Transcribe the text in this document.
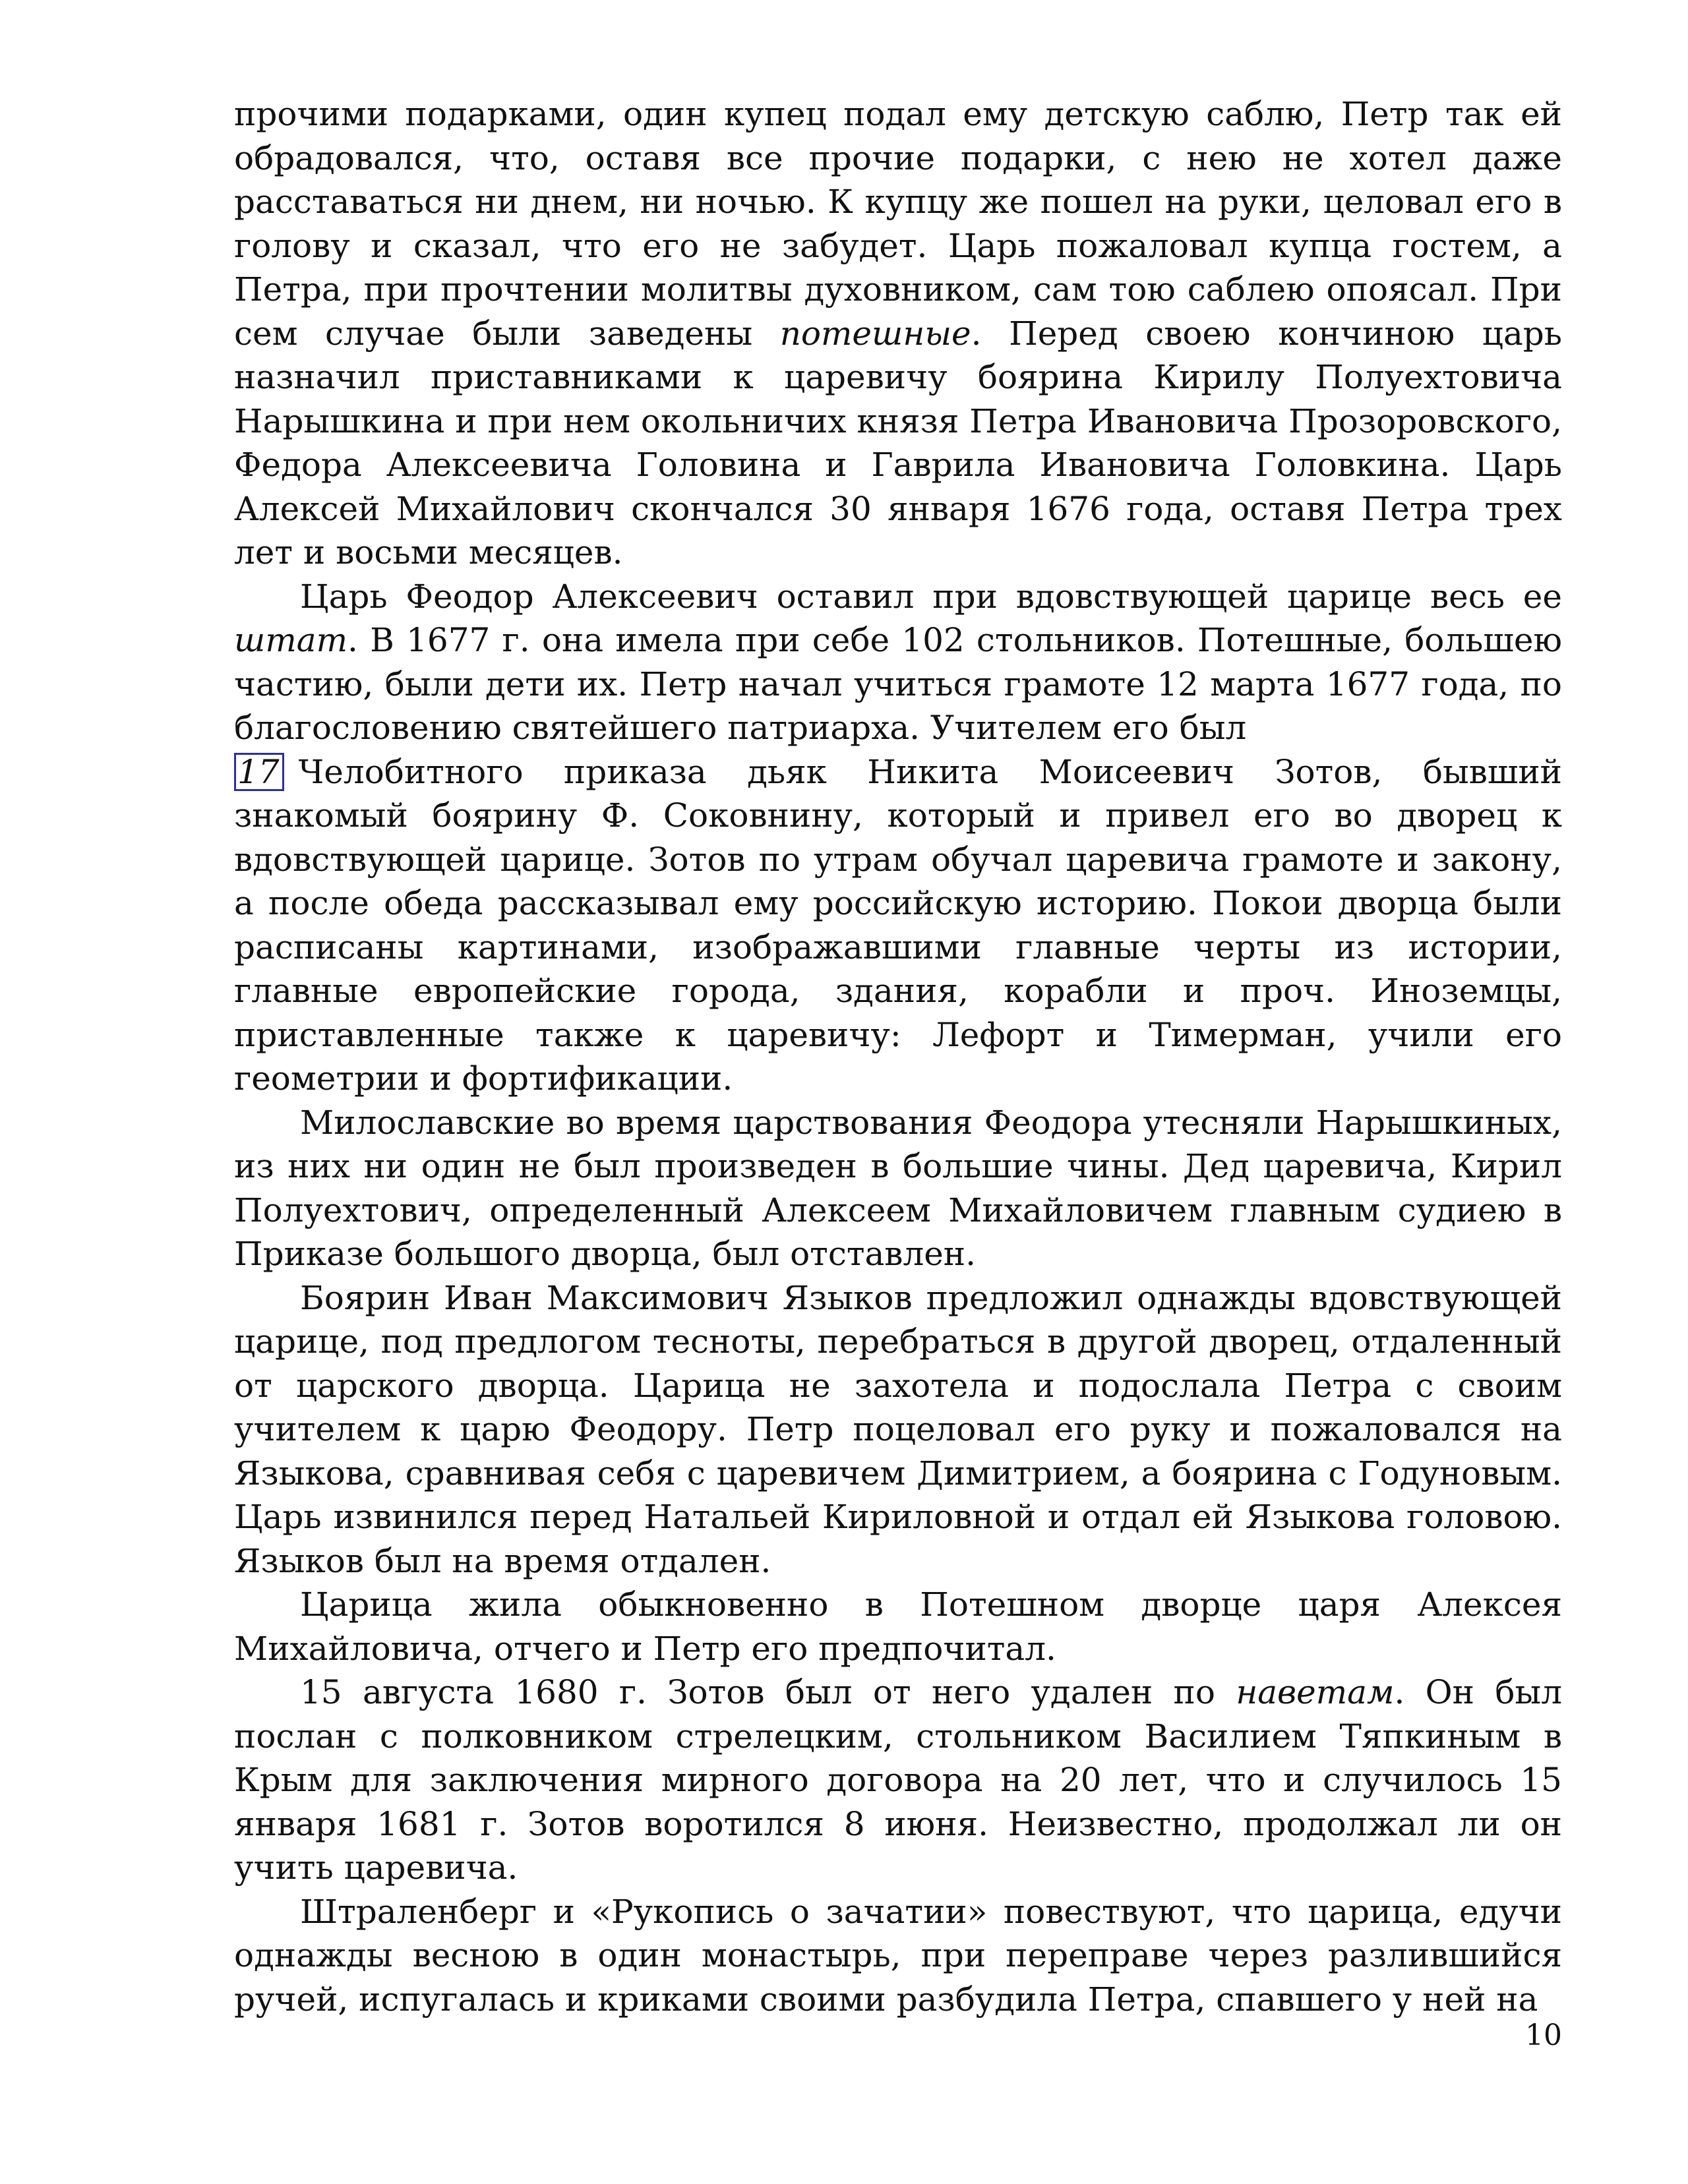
прочими подарками, один купец подал ему детскую саблю, Петр так ей обрадовался, что, оставя все прочие подарки, с нею не хотел даже расставаться ни днем, ни ночью. К купцу же пошел на руки, целовал его в голову и сказал, что его не забудет. Царь пожаловал купца гостем, а Петра, при прочтении молитвы духовником, сам тою саблею опоясал. При сем случае были заведены потешные. Перед своею кончиною царь назначил приставниками к царевичу боярина Кирилу Полуехтовича Нарышкина и при нем окольничих князя Петра Ивановича Прозоровского, Федора Алексеевича Головина и Гаврила Ивановича Головкина. Царь Алексей Михайлович скончался 30 января 1676 года, оставя Петра трех лет и восьми месяцев.

Царь Феодор Алексеевич оставил при вдовствующей царице весь ее штат. В 1677 г. она имела при себе 102 стольников. Потешные, большею частию, были дети их. Петр начал учиться грамоте 12 марта 1677 года, по благословению святейшего патриарха. Учителем его был

17 Челобитного приказа дьяк Никита Моисеевич Зотов, бывший знакомый боярину Ф. Соковнину, который и привел его во дворец к вдовствующей царице. Зотов по утрам обучал царевича грамоте и закону, а после обеда рассказывал ему российскую историю. Покои дворца были расписаны картинами, изображавшими главные черты из истории, главные европейские города, здания, корабли и проч. Иноземцы, приставленные также к царевичу: Лефорт и Тимерман, учили его геометрии и фортификации.

Милославские во время царствования Феодора утесняли Нарышкиных, из них ни один не был произведен в большие чины. Дед царевича, Кирил Полуехтович, определенный Алексеем Михайловичем главным судиею в Приказе большого дворца, был отставлен.

Боярин Иван Максимович Языков предложил однажды вдовствующей царице, под предлогом тесноты, перебраться в другой дворец, отдаленный от царского дворца. Царица не захотела и подослала Петра с своим учителем к царю Феодору. Петр поцеловал его руку и пожаловался на Языкова, сравнивая себя с царевичем Димитрием, а боярина с Годуновым. Царь извинился перед Натальей Кириловной и отдал ей Языкова головою. Языков был на время отдален.

Царица жила обыкновенно в Потешном дворце царя Алексея Михайловича, отчего и Петр его предпочитал.

15 августа 1680 г. Зотов был от него удален по наветам. Он был послан с полковником стрелецким, стольником Василием Тяпкиным в Крым для заключения мирного договора на 20 лет, что и случилось 15 января 1681 г. Зотов воротился 8 июня. Неизвестно, продолжал ли он учить царевича.

Штраленберг и «Рукопись о зачатии» повествуют, что царица, едучи однажды весною в один монастырь, при переправе через разлившийся ручей, испугалась и криками своими разбудила Петра, спавшего у ней на

10
